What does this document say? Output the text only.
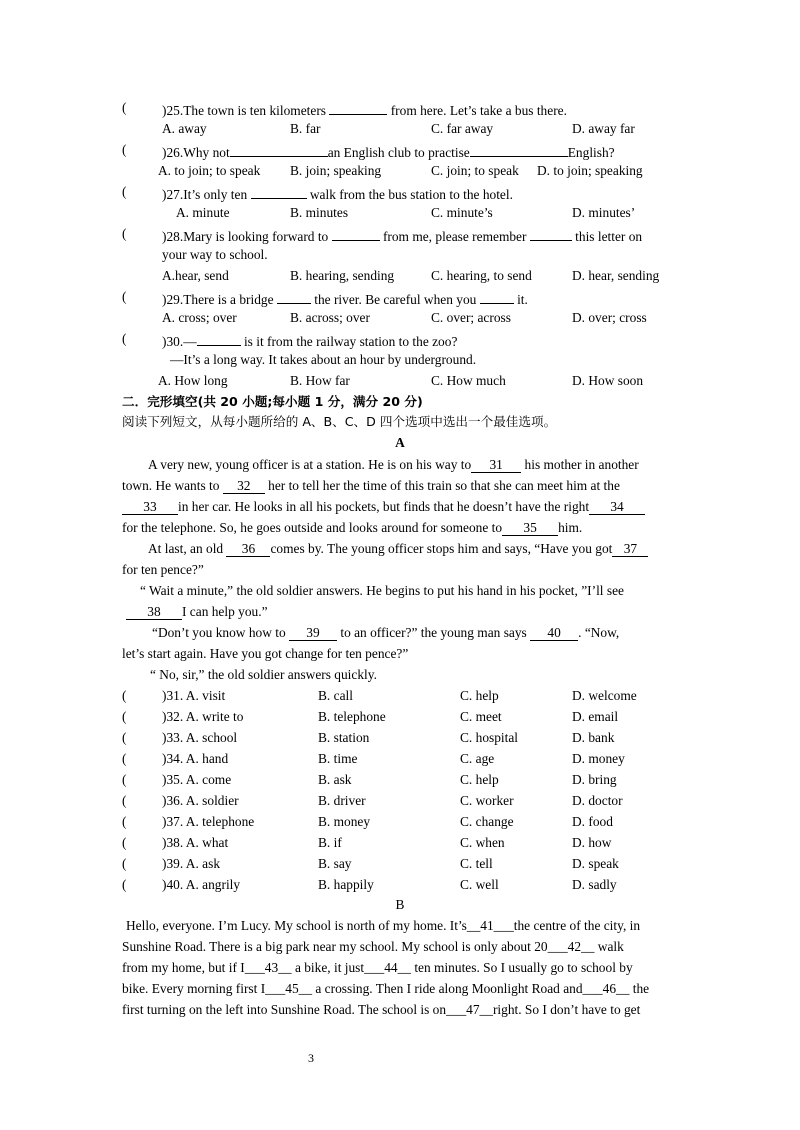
(	)25.The town is ten kilometers	from here. Let’s take a bus there.
A. away	B. far	C. far away	D. away far
(	)26.Why not	an English club to practise	English?
A. to join; to speak B. join; speaking	C. join; to speak D. to join; speaking
(	)27.It’s only ten	walk from the bus station to the hotel.
A. minute	B. minutes	C. minute’s	D. minutes’
(	)28.Mary is looking forward to	from me, please remember	this letter on
your way to school.
A.hear, send	B. hearing, sending	C. hearing, to send	D. hear, sending
(	)29.There is a bridge	the river. Be careful when you	it.
A. cross; over	B. across; over	C. over; across	D. over; cross
(	)30.—	is it from the railway station to the zoo?
—It’s a long way. It takes about an hour by underground.
A. How long	B. How far	C. How much	D. How soon
二．完形填空(共 20 小题;每小题 1 分，满分 20 分)
阅读下列短文，从每小题所给的 A、B、C、D 四个选项中选出一个最佳选项。
A
A very new, young officer is at a station. He is on his way to 31 his mother in another
town. He wants to 32 her to tell her the time of this train so that she can meet him at the
33 in her car. He looks in all his pockets, but finds that he doesn’t have the right 34
for the telephone. So, he goes outside and looks around for someone to 35 him.
At last, an old 36 comes by. The young officer stops him and says, “Have you got 37
for ten pence?”
“ Wait a minute,” the old soldier answers. He begins to put his hand in his pocket, ”I’ll see
38 I can help you.”
“Don’t you know how to 39 to an officer?” the young man says 40 . “Now,
let’s start again. Have you got change for ten pence?”
“ No, sir,” the old soldier answers quickly.
(	)31. A. visit	B. call	C. help	D. welcome
(	)32. A. write to	B. telephone	C. meet	D. email
(	)33. A. school	B. station	C. hospital	D. bank
(	)34. A. hand	B. time	C. age	D. money
(	)35. A. come	B. ask	C. help	D. bring
(	)36. A. soldier	B. driver	C. worker	D. doctor
(	)37. A. telephone	B. money	C. change	D. food
(	)38. A. what	B. if	C. when	D. how
(	)39. A. ask	B. say	C. tell	D. speak
(	)40. A. angrily	B. happily	C. well	D. sadly
B
Hello, everyone. I’m Lucy. My school is north of my home. It’s__41___the centre of the city, in
Sunshine Road. There is a big park near my school. My school is only about 20___42__ walk
from my home, but if I___43__ a bike, it just___44__ ten minutes. So I usually go to school by
bike. Every morning first I___45__ a crossing. Then I ride along Moonlight Road and___46__ the
first turning on the left into Sunshine Road. The school is on___47__right. So I don’t have to get
3
